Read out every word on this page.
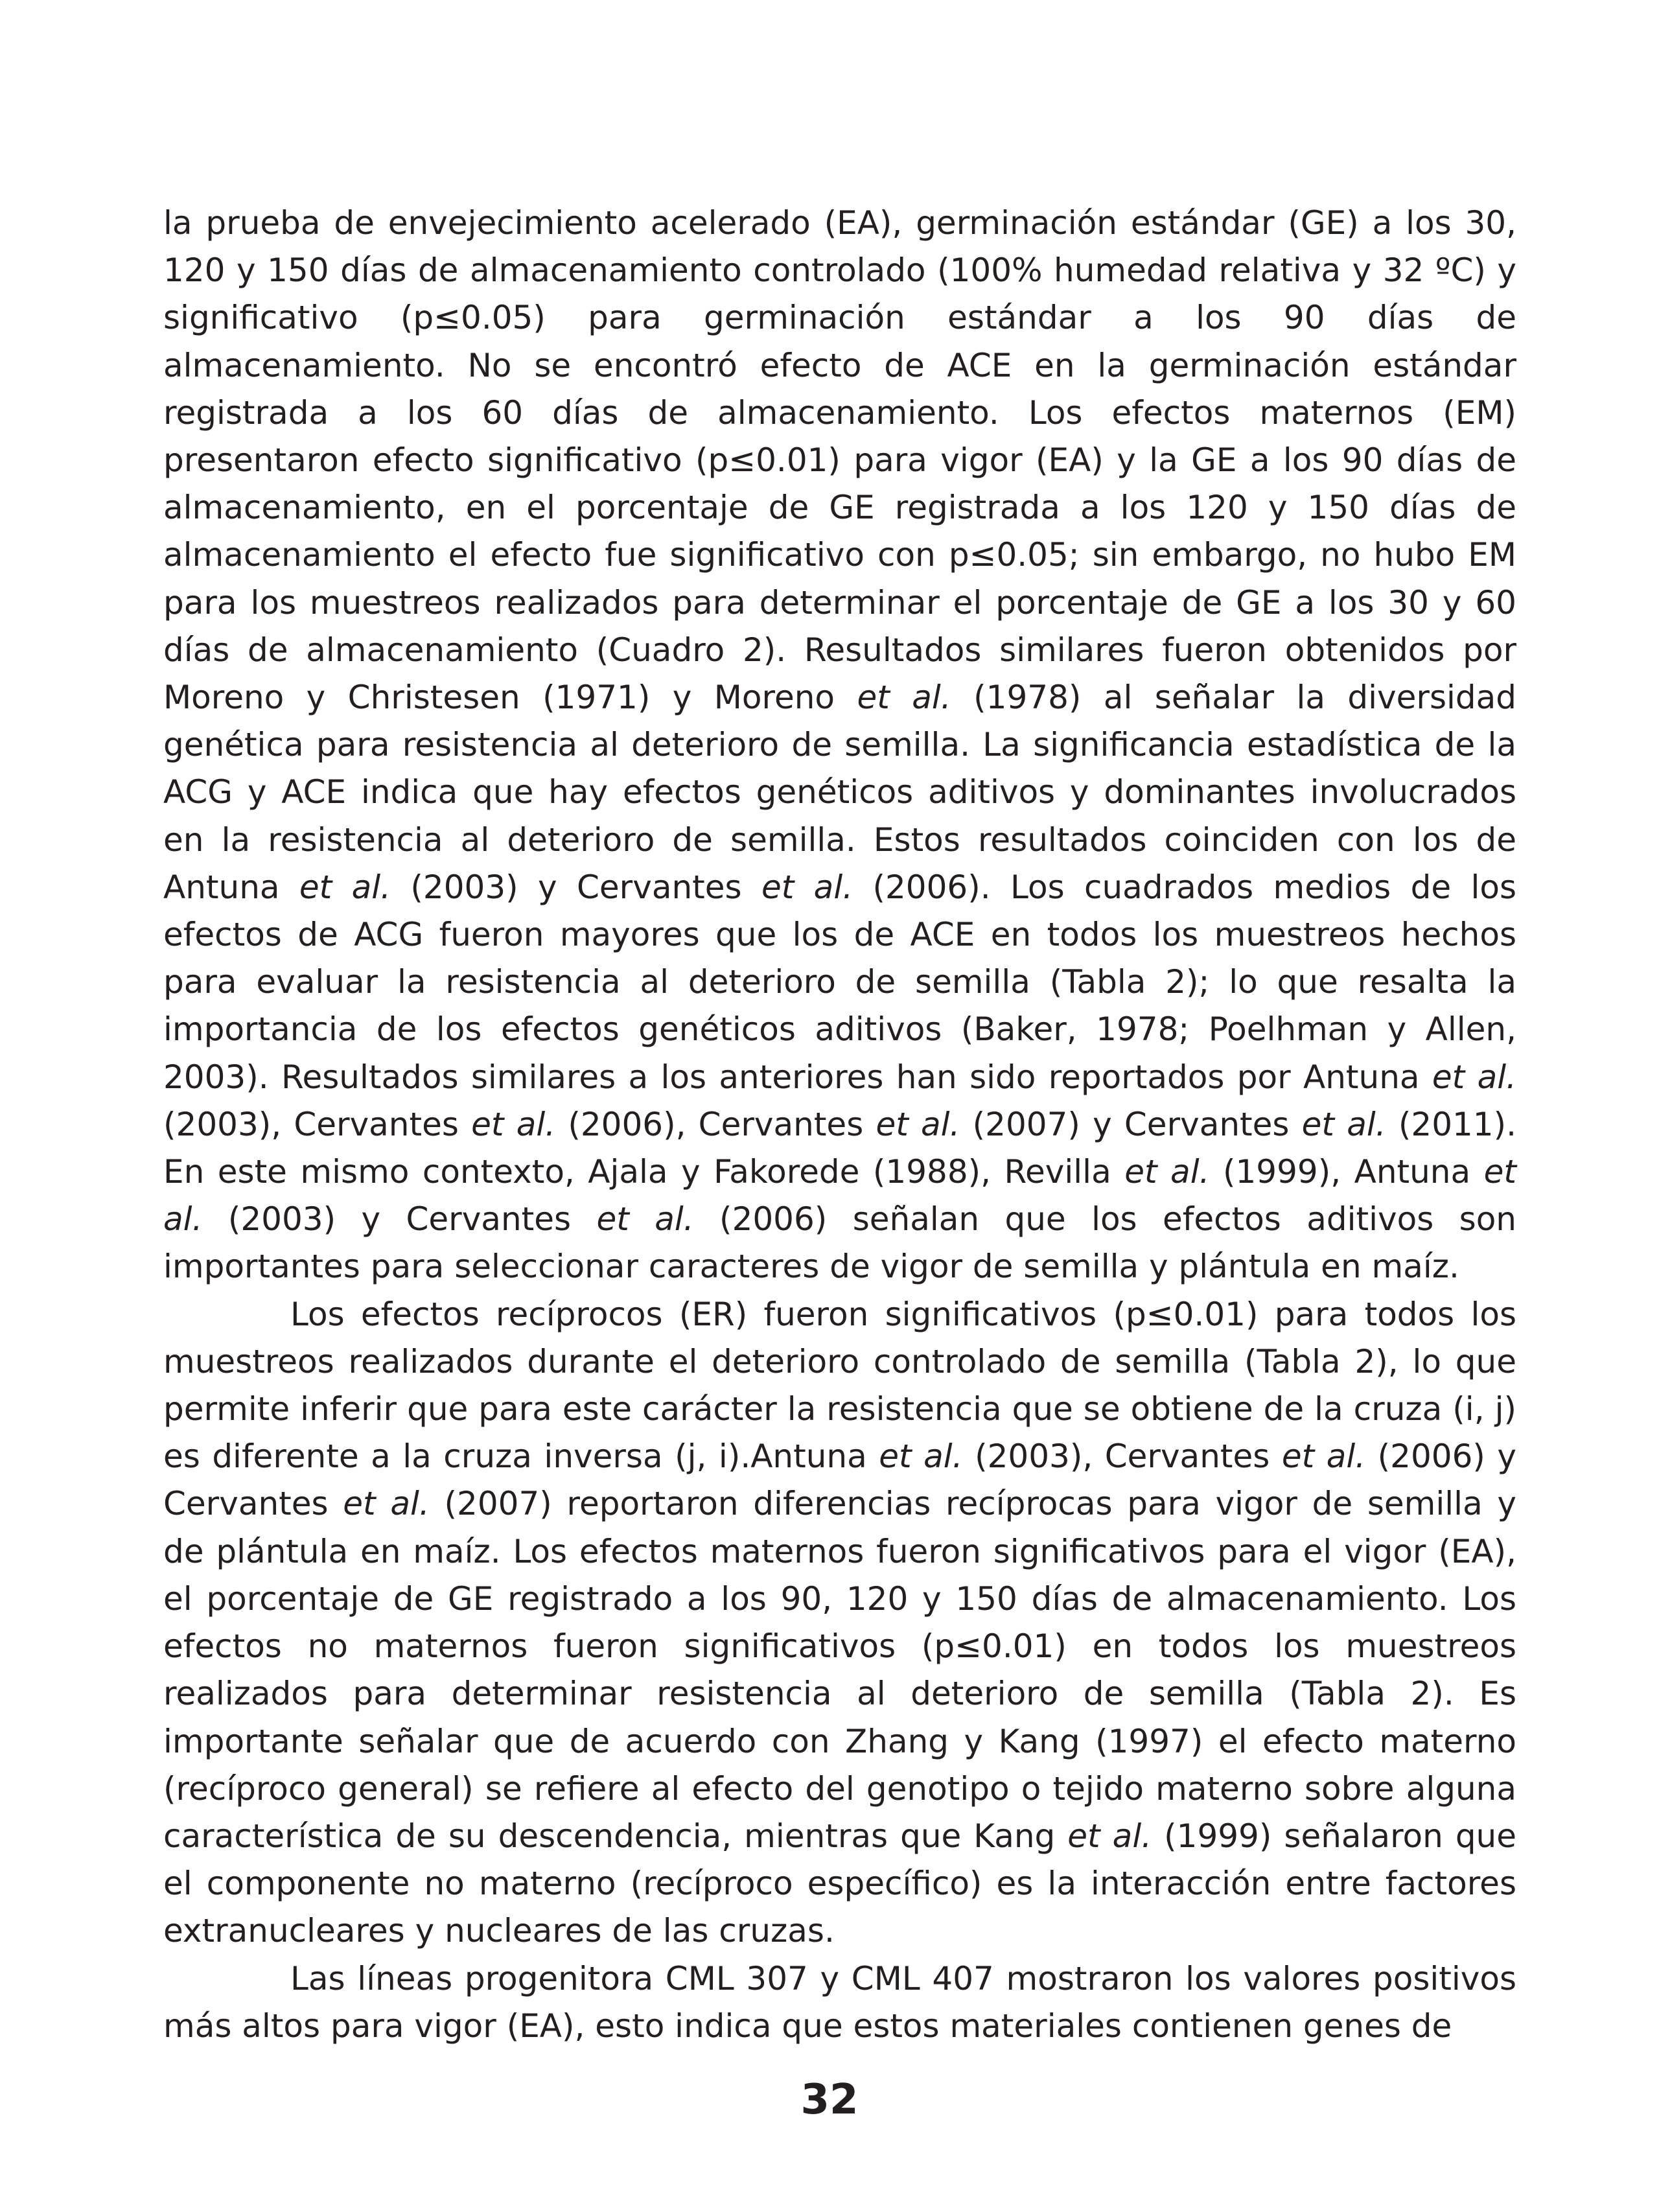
la prueba de envejecimiento acelerado (EA), germinación estándar (GE) a los 30, 120 y 150 días de almacenamiento controlado (100% humedad relativa y 32 ºC) y significativo (p≤0.05) para germinación estándar a los 90 días de almacenamiento. No se encontró efecto de ACE en la germinación estándar registrada a los 60 días de almacenamiento. Los efectos maternos (EM) presentaron efecto significativo (p≤0.01) para vigor (EA) y la GE a los 90 días de almacenamiento, en el porcentaje de GE registrada a los 120 y 150 días de almacenamiento el efecto fue significativo con p≤0.05; sin embargo, no hubo EM para los muestreos realizados para determinar el porcentaje de GE a los 30 y 60 días de almacenamiento (Cuadro 2). Resultados similares fueron obtenidos por Moreno y Christesen (1971) y Moreno et al. (1978) al señalar la diversidad genética para resistencia al deterioro de semilla. La significancia estadística de la ACG y ACE indica que hay efectos genéticos aditivos y dominantes involucrados en la resistencia al deterioro de semilla. Estos resultados coinciden con los de Antuna et al. (2003) y Cervantes et al. (2006). Los cuadrados medios de los efectos de ACG fueron mayores que los de ACE en todos los muestreos hechos para evaluar la resistencia al deterioro de semilla (Tabla 2); lo que resalta la importancia de los efectos genéticos aditivos (Baker, 1978; Poelhman y Allen, 2003). Resultados similares a los anteriores han sido reportados por Antuna et al. (2003), Cervantes et al. (2006), Cervantes et al. (2007) y Cervantes et al. (2011). En este mismo contexto, Ajala y Fakorede (1988), Revilla et al. (1999), Antuna et al. (2003) y Cervantes et al. (2006) señalan que los efectos aditivos son importantes para seleccionar caracteres de vigor de semilla y plántula en maíz.

Los efectos recíprocos (ER) fueron significativos (p≤0.01) para todos los muestreos realizados durante el deterioro controlado de semilla (Tabla 2), lo que permite inferir que para este carácter la resistencia que se obtiene de la cruza (i, j) es diferente a la cruza inversa (j, i).Antuna et al. (2003), Cervantes et al. (2006) y Cervantes et al. (2007) reportaron diferencias recíprocas para vigor de semilla y de plántula en maíz. Los efectos maternos fueron significativos para el vigor (EA), el porcentaje de GE registrado a los 90, 120 y 150 días de almacenamiento. Los efectos no maternos fueron significativos (p≤0.01) en todos los muestreos realizados para determinar resistencia al deterioro de semilla (Tabla 2). Es importante señalar que de acuerdo con Zhang y Kang (1997) el efecto materno (recíproco general) se refiere al efecto del genotipo o tejido materno sobre alguna característica de su descendencia, mientras que Kang et al. (1999) señalaron que el componente no materno (recíproco específico) es la interacción entre factores extranucleares y nucleares de las cruzas.

Las líneas progenitora CML 307 y CML 407 mostraron los valores positivos más altos para vigor (EA), esto indica que estos materiales contienen genes de

32
